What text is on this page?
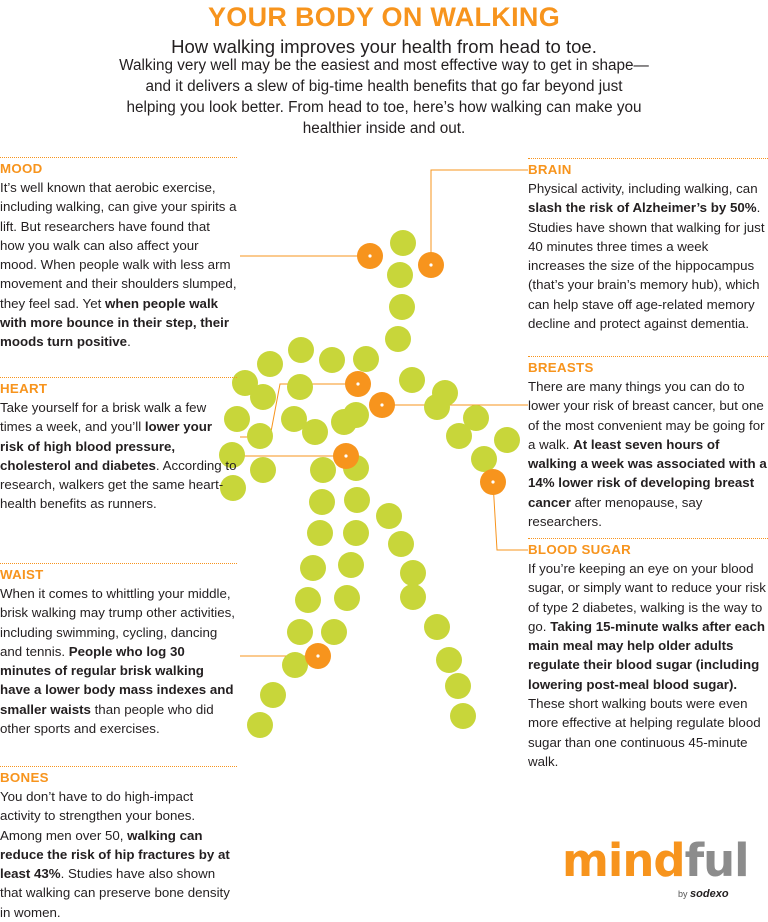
YOUR BODY ON WALKING
How walking improves your health from head to toe.
Walking very well may be the easiest and most effective way to get in shape—and it delivers a slew of big-time health benefits that go far beyond just helping you look better. From head to toe, here’s how walking can make you healthier inside and out.
MOOD

It’s well known that aerobic exercise, including walking, can give your spirits a lift. But researchers have found that how you walk can also affect your mood. When people walk with less arm movement and their shoulders slumped, they feel sad. Yet when people walk with more bounce in their step, their moods turn positive.

HEART

Take yourself for a brisk walk a few times a week, and you’ll lower your risk of high blood pressure, cholesterol and diabetes. According to research, walkers get the same heart-health benefits as runners.

WAIST

When it comes to whittling your middle, brisk walking may trump other activities, including swimming, cycling, dancing and tennis. People who log 30 minutes of regular brisk walking have a lower body mass indexes and smaller waists than people who did other sports and exercises.

BONES

You don’t have to do high-impact activity to strengthen your bones. Among men over 50, walking can reduce the risk of hip fractures by at least 43%. Studies have also shown that walking can preserve bone density in women.

BRAIN

Physical activity, including walking, can slash the risk of Alzheimer’s by 50%. Studies have shown that walking for just 40 minutes three times a week increases the size of the hippocampus (that’s your brain’s memory hub), which can help stave off age-related memory decline and protect against dementia.

BREASTS

There are many things you can do to lower your risk of breast cancer, but one of the most convenient may be going for a walk. At least seven hours of walking a week was associated with a 14% lower risk of developing breast cancer after menopause, say researchers.

BLOOD SUGAR

If you’re keeping an eye on your blood sugar, or simply want to reduce your risk of type 2 diabetes, walking is the way to go. Taking 15-minute walks after each main meal may help older adults regulate their blood sugar (including lowering post-meal blood sugar). These short walking bouts were even more effective at helping regulate blood sugar than one continuous 45-minute walk.

mindful
by sodexo
